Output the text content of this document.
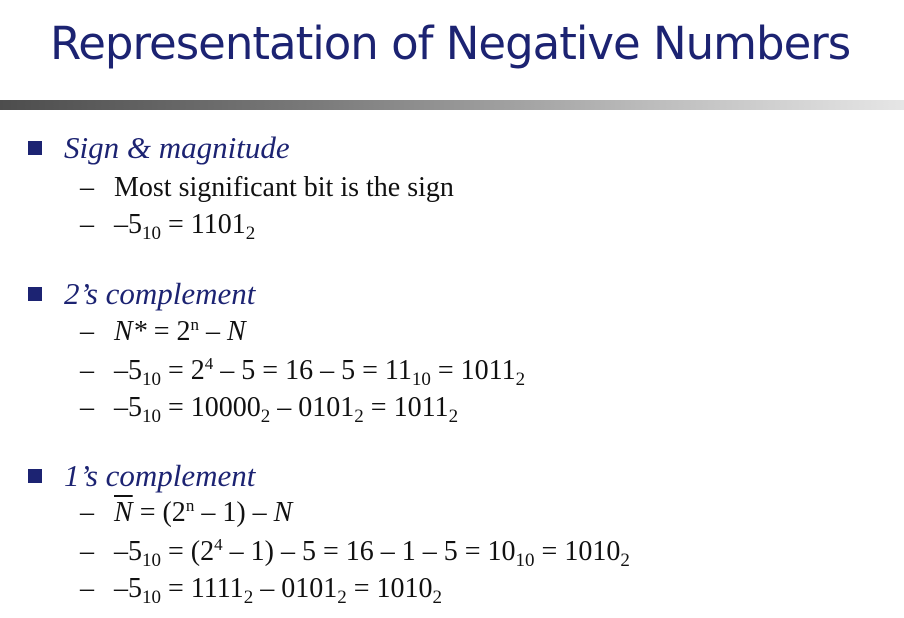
Representation of Negative Numbers
Sign & magnitude
– Most significant bit is the sign
– $-5_{10} = 1101_2$
2’s complement
– $N* = 2^n - N$
– $-5_{10} = 2^4 - 5 = 16 - 5 = 11_{10} = 1011_2$
– $-5_{10} = 10000_2 - 0101_2 = 1011_2$
1’s complement
– $\overline{N} = (2^n - 1) - N$
– $-5_{10} = (2^4 - 1) - 5 = 16 - 1 - 5 = 10_{10} = 1010_2$
– $-5_{10} = 1111_2 - 0101_2 = 1010_2$
